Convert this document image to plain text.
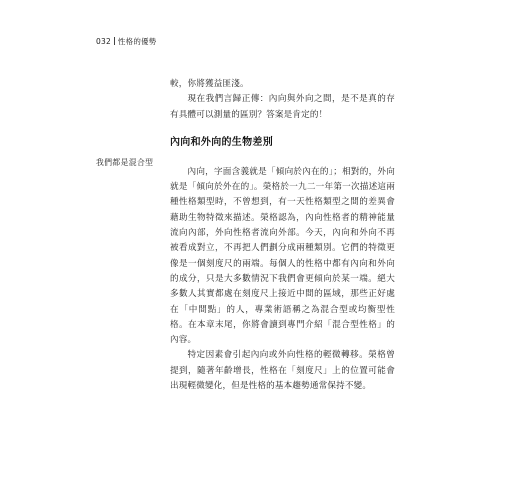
032 性格的優勢
我們都是混合型

較，你將獲益匪淺。

現在我們言歸正傳：內向與外向之間，是不是真的存有具體可以測量的區別？答案是肯定的！

內向和外向的生物差別

內向，字面含義就是「傾向於內在的」；相對的，外向就是「傾向於外在的」。榮格於一九二一年第一次描述這兩種性格類型時，不曾想到，有一天性格類型之間的差異會藉助生物特徵來描述。榮格認為，內向性格者的精神能量流向內部，外向性格者流向外部。今天，內向和外向不再被看成對立，不再把人們劃分成兩種類別。它們的特徵更像是一個刻度尺的兩端。每個人的性格中都有內向和外向的成分，只是大多數情況下我們會更傾向於某一端。絕大多數人其實都處在刻度尺上接近中間的區域，那些正好處在「中間點」的人，專業術語稱之為混合型或均衡型性格。在本章末尾，你將會讀到專門介紹「混合型性格」的內容。

特定因素會引起內向或外向性格的輕微轉移。榮格曾提到，隨著年齡增長，性格在「刻度尺」上的位置可能會出現輕微變化，但是性格的基本趨勢通常保持不變。
